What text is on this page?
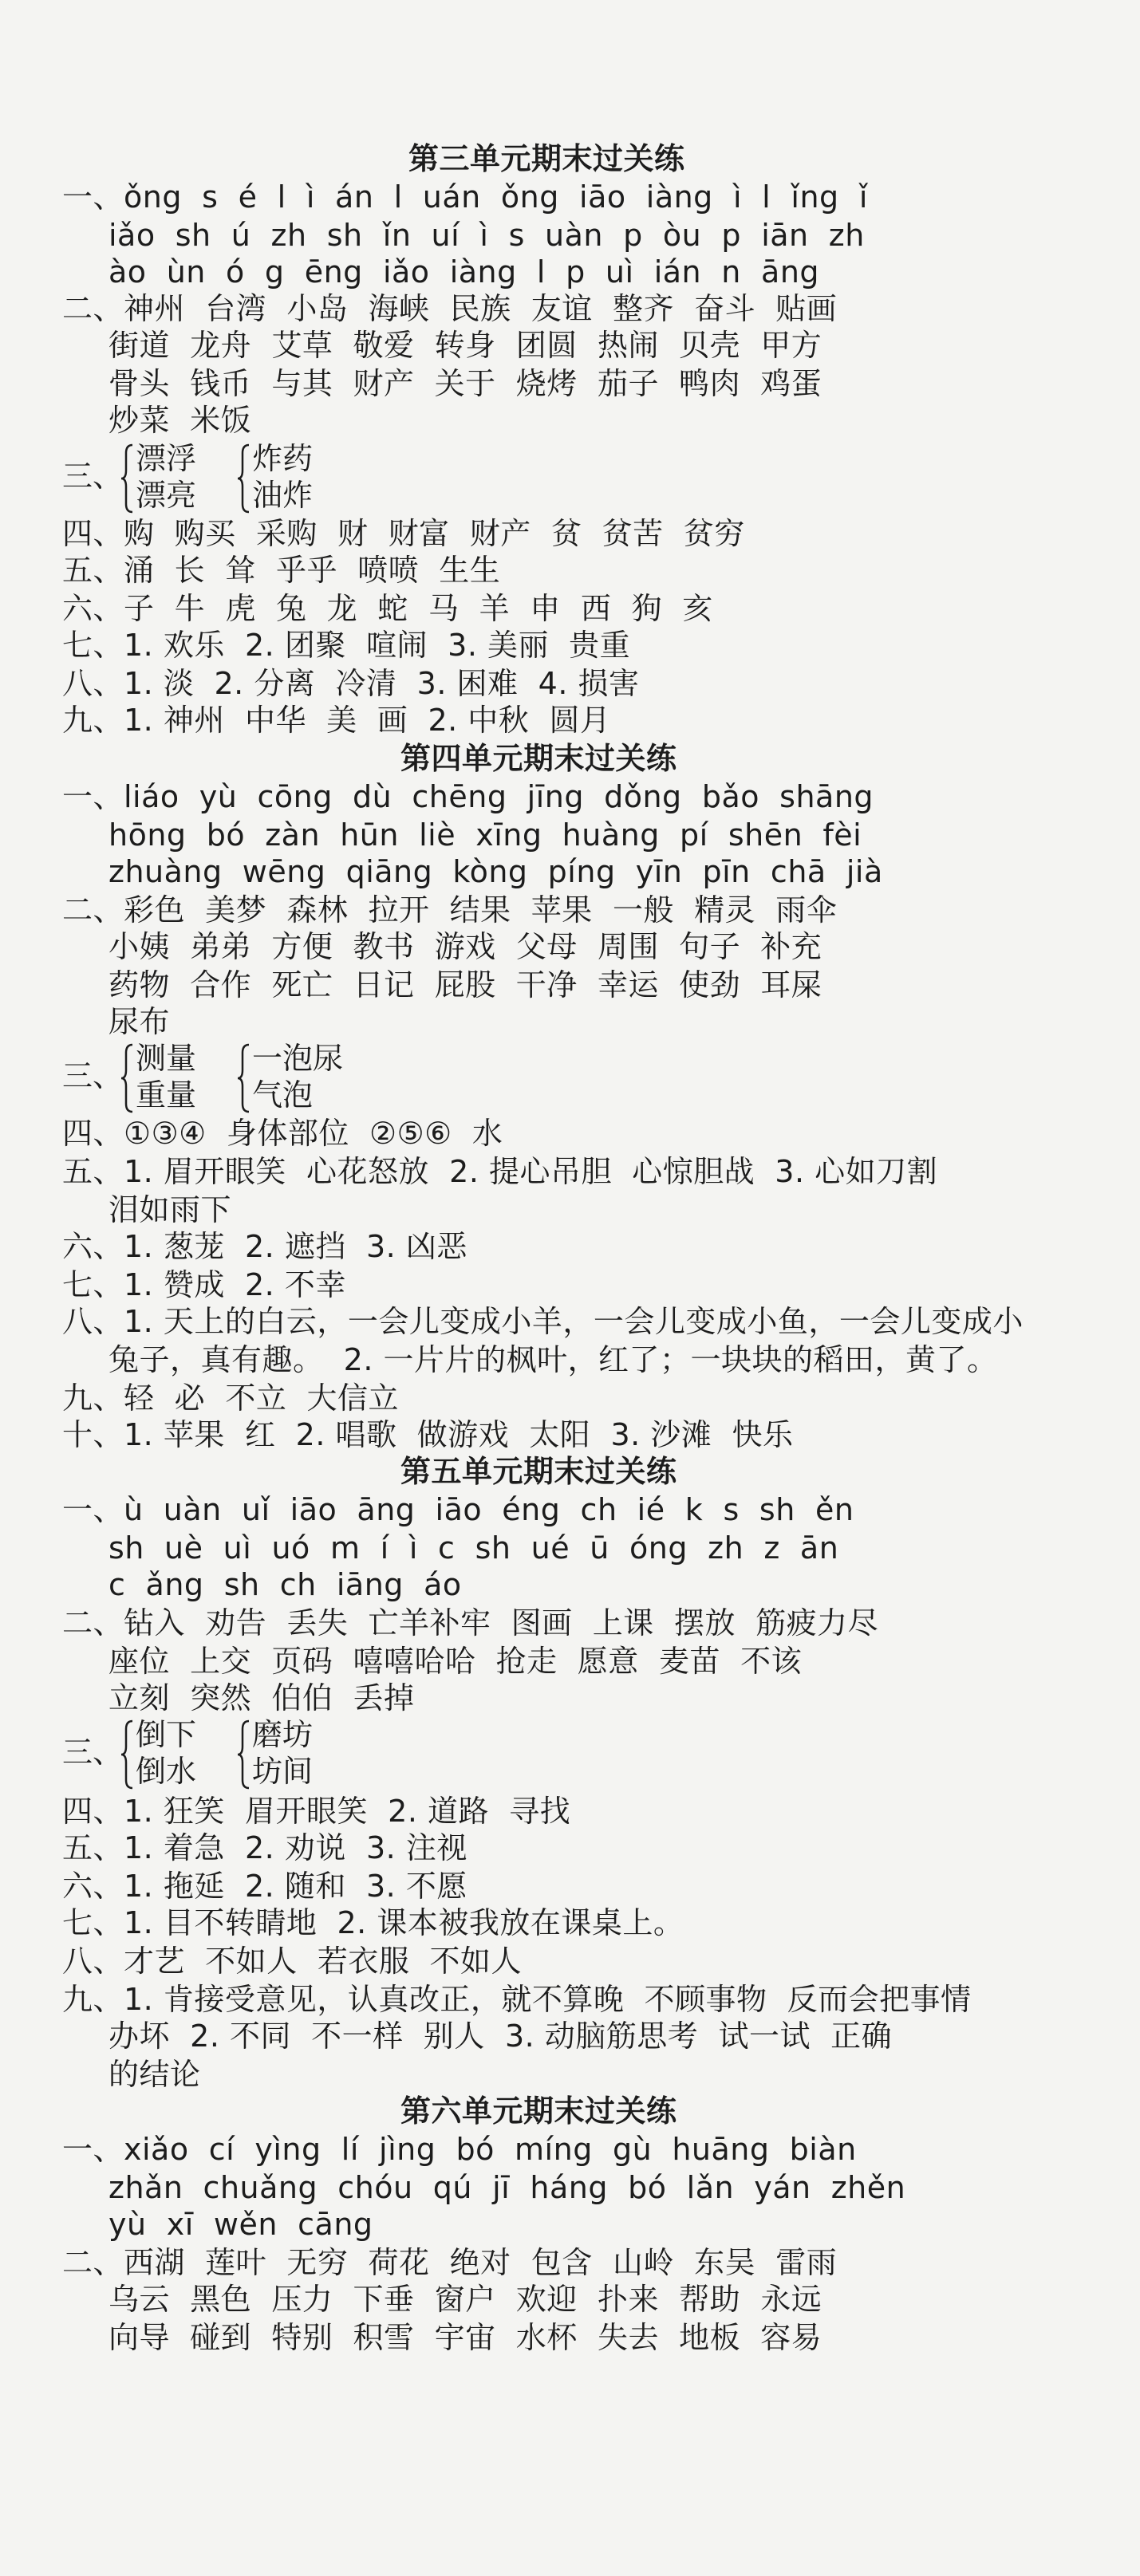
第三单元期末过关练
一、ǒng  s  é  l  ì  án  l  uán  ǒng  iāo  iàng  ì  l  ǐng  ǐ
iǎo  sh  ú  zh  sh  ǐn  uí  ì  s  uàn  p  òu  p  iān  zh
ào  ùn  ó  g  ēng  iǎo  iàng  l  p  uì  ián  n  āng
二、神州  台湾  小岛  海峡  民族  友谊  整齐  奋斗  贴画
街道  龙舟  艾草  敬爱  转身  团圆  热闹  贝壳  甲方
骨头  钱币  与其  财产  关于  烧烤  茄子  鸭肉  鸡蛋
炒菜  米饭
三、 漂浮
漂亮
炸药
油炸
四、购  购买  采购  财  财富  财产  贫  贫苦  贫穷
五、涌  长  耸  乎乎  喷喷  生生
六、子  牛  虎  兔  龙  蛇  马  羊  申  西  狗  亥
七、1. 欢乐  2. 团聚  喧闹  3. 美丽  贵重
八、1. 淡  2. 分离  冷清  3. 困难  4. 损害
九、1. 神州  中华  美  画  2. 中秋  圆月
第四单元期末过关练
一、liáo  yù  cōng  dù  chēng  jīng  dǒng  bǎo  shāng
hōng  bó  zàn  hūn  liè  xīng  huàng  pí  shēn  fèi
zhuàng  wēng  qiāng  kòng  píng  yīn  pīn  chā  jià
二、彩色  美梦  森林  拉开  结果  苹果  一般  精灵  雨伞
小姨  弟弟  方便  教书  游戏  父母  周围  句子  补充
药物  合作  死亡  日记  屁股  干净  幸运  使劲  耳屎
尿布
三、 测量
重量
一泡尿
气泡
四、①③④  身体部位  ②⑤⑥  水
五、1. 眉开眼笑  心花怒放  2. 提心吊胆  心惊胆战  3. 心如刀割
泪如雨下
六、1. 葱茏  2. 遮挡  3. 凶恶
七、1. 赞成  2. 不幸
八、1. 天上的白云，一会儿变成小羊，一会儿变成小鱼，一会儿变成小
兔子，真有趣。  2. 一片片的枫叶，红了；一块块的稻田，黄了。
九、轻  必  不立  大信立
十、1. 苹果  红  2. 唱歌  做游戏  太阳  3. 沙滩  快乐
第五单元期末过关练
一、ù  uàn  uǐ  iāo  āng  iāo  éng  ch  ié  k  s  sh  ěn
sh  uè  uì  uó  m  í  ì  c  sh  ué  ū  óng  zh  z  ān
c  ǎng  sh  ch  iāng  áo
二、钻入  劝告  丢失  亡羊补牢  图画  上课  摆放  筋疲力尽
座位  上交  页码  嘻嘻哈哈  抢走  愿意  麦苗  不该
立刻  突然  伯伯  丢掉
三、 倒下
倒水
磨坊
坊间
四、1. 狂笑  眉开眼笑  2. 道路  寻找
五、1. 着急  2. 劝说  3. 注视
六、1. 拖延  2. 随和  3. 不愿
七、1. 目不转睛地  2. 课本被我放在课桌上。
八、才艺  不如人  若衣服  不如人
九、1. 肯接受意见，认真改正，就不算晚  不顾事物  反而会把事情
办坏  2. 不同  不一样  别人  3. 动脑筋思考  试一试  正确
的结论
第六单元期末过关练
一、xiǎo  cí  yìng  lí  jìng  bó  míng  gù  huāng  biàn
zhǎn  chuǎng  chóu  qú  jī  háng  bó  lǎn  yán  zhěn
yù  xī  wěn  cāng
二、西湖  莲叶  无穷  荷花  绝对  包含  山岭  东吴  雷雨
乌云  黑色  压力  下垂  窗户  欢迎  扑来  帮助  永远
向导  碰到  特别  积雪  宇宙  水杯  失去  地板  容易
